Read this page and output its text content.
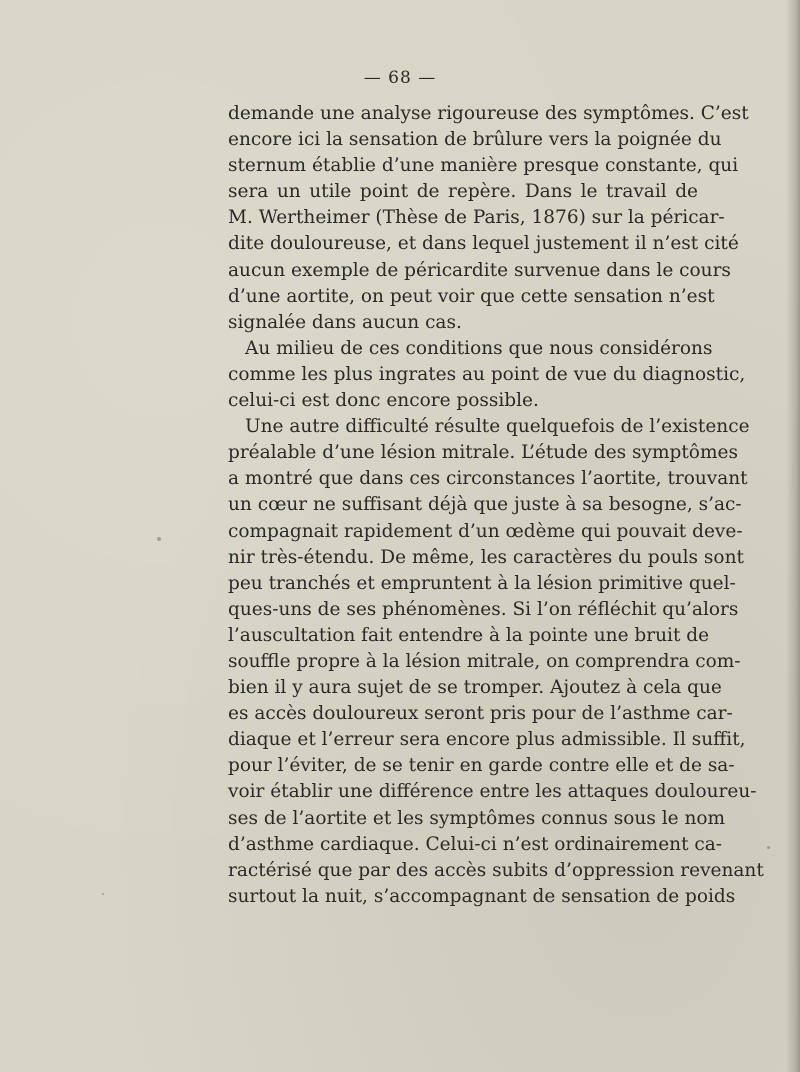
— 68 —
demande une analyse rigoureuse des symptômes. C’est
encore ici la sensation de brûlure vers la poignée du
sternum établie d’une manière presque constante, qui
sera un utile point de repère. Dans le travail de
M. Wertheimer (Thèse de Paris, 1876) sur la péricar-
dite douloureuse, et dans lequel justement il n’est cité
aucun exemple de péricardite survenue dans le cours
d’une aortite, on peut voir que cette sensation n’est
signalée dans aucun cas.
Au milieu de ces conditions que nous considérons
comme les plus ingrates au point de vue du diagnostic,
celui-ci est donc encore possible.
Une autre difficulté résulte quelquefois de l’existence
préalable d’une lésion mitrale. L’étude des symptômes
a montré que dans ces circonstances l’aortite, trouvant
un cœur ne suffisant déjà que juste à sa besogne, s’ac-
compagnait rapidement d’un œdème qui pouvait deve-
nir très-étendu. De même, les caractères du pouls sont
peu tranchés et empruntent à la lésion primitive quel-
ques-uns de ses phénomènes. Si l’on réfléchit qu’alors
l’auscultation fait entendre à la pointe une bruit de
souffle propre à la lésion mitrale, on comprendra com-
bien il y aura sujet de se tromper. Ajoutez à cela que
es accès douloureux seront pris pour de l’asthme car-
diaque et l’erreur sera encore plus admissible. Il suffit,
pour l’éviter, de se tenir en garde contre elle et de sa-
voir établir une différence entre les attaques douloureu-
ses de l’aortite et les symptômes connus sous le nom
d’asthme cardiaque. Celui-ci n’est ordinairement ca-
ractérisé que par des accès subits d’oppression revenant
surtout la nuit, s’accompagnant de sensation de poids
